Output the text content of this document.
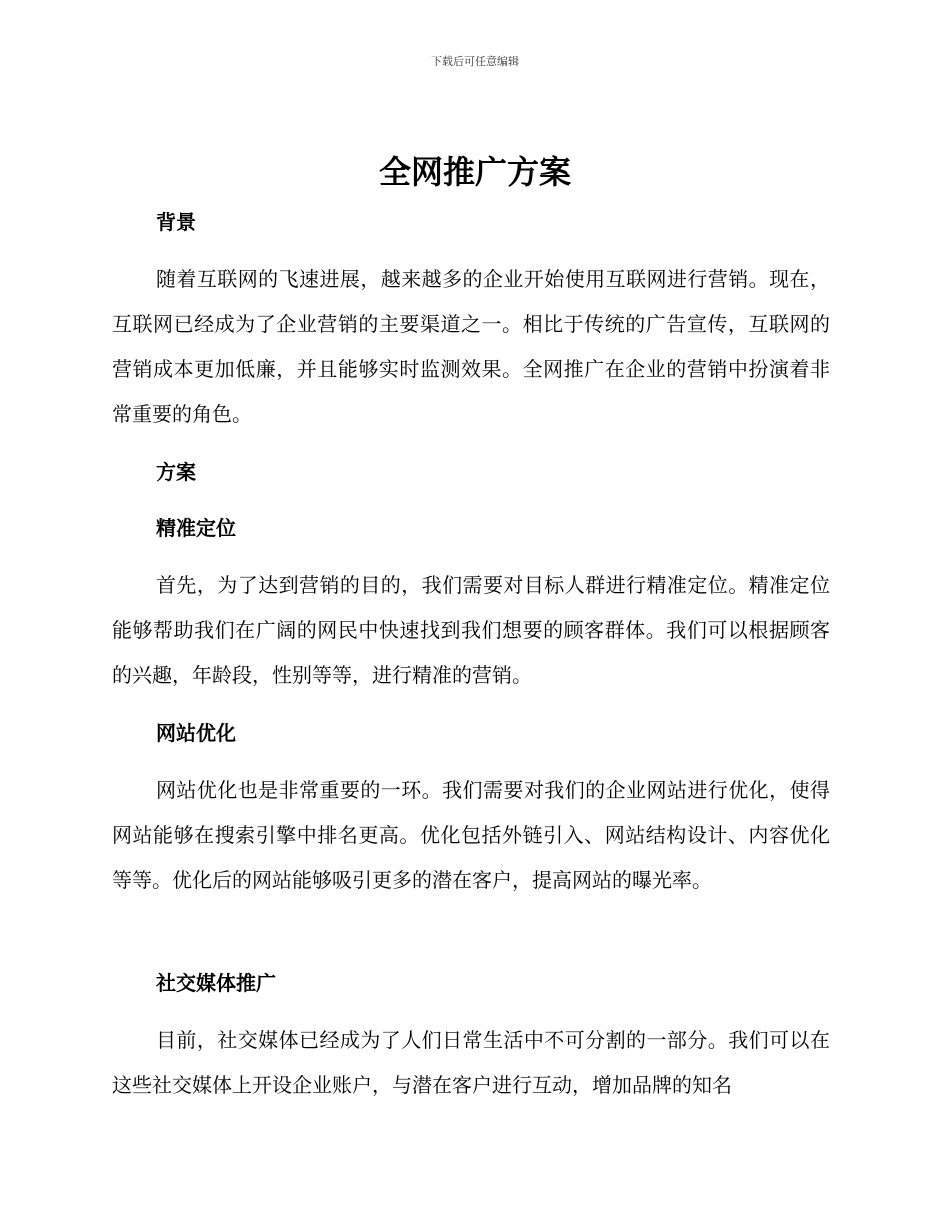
下载后可任意编辑
全网推广方案
背景

随着互联网的飞速进展，越来越多的企业开始使用互联网进行营销。现在，互联网已经成为了企业营销的主要渠道之一。相比于传统的广告宣传，互联网的营销成本更加低廉，并且能够实时监测效果。全网推广在企业的营销中扮演着非常重要的角色。

方案
精准定位

首先，为了达到营销的目的，我们需要对目标人群进行精准定位。精准定位能够帮助我们在广阔的网民中快速找到我们想要的顾客群体。我们可以根据顾客的兴趣，年龄段，性别等等，进行精准的营销。

网站优化

网站优化也是非常重要的一环。我们需要对我们的企业网站进行优化，使得网站能够在搜索引擎中排名更高。优化包括外链引入、网站结构设计、内容优化等等。优化后的网站能够吸引更多的潜在客户，提高网站的曝光率。

社交媒体推广

目前，社交媒体已经成为了人们日常生活中不可分割的一部分。我们可以在这些社交媒体上开设企业账户，与潜在客户进行互动，增加品牌的知名
